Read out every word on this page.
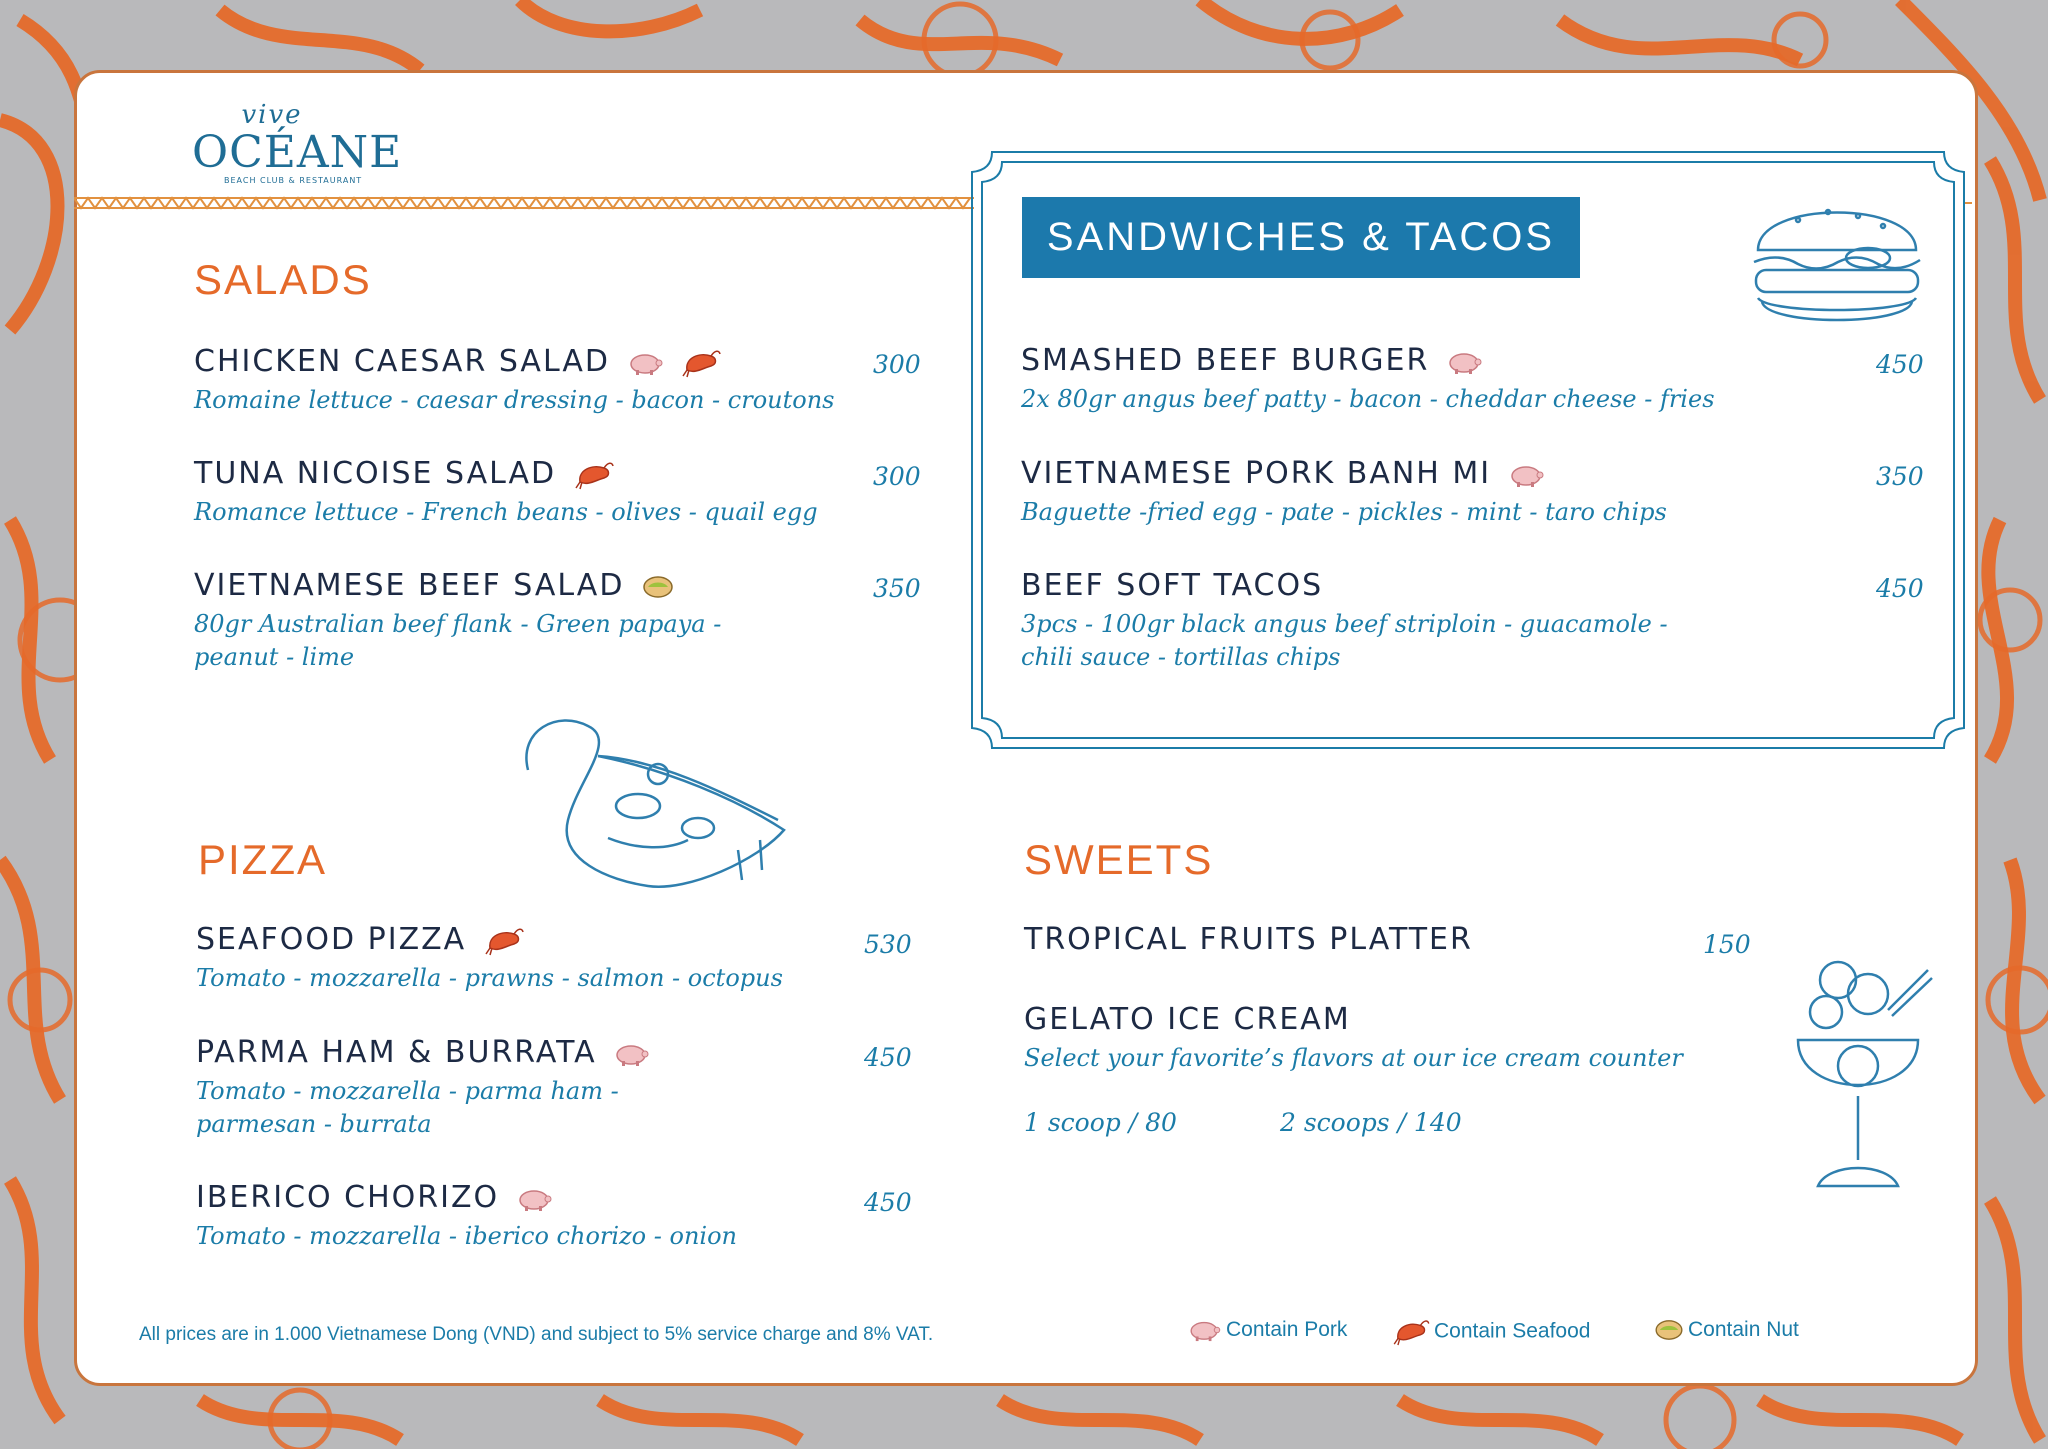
vive
OCÉANE
BEACH CLUB & RESTAURANT
SALADS
CHICKEN CAESAR SALAD	300
Romaine lettuce - caesar dressing - bacon - croutons
TUNA NICOISE SALAD	300
Romance lettuce - French beans - olives - quail egg
VIETNAMESE BEEF SALAD	350
80gr Australian beef flank - Green papaya -
peanut - lime
SANDWICHES & TACOS
SMASHED BEEF BURGER	450
2x 80gr angus beef patty - bacon - cheddar cheese - fries
VIETNAMESE PORK BANH MI	350
Baguette -fried egg - pate - pickles - mint - taro chips
BEEF SOFT TACOS	450
3pcs - 100gr black angus beef striploin - guacamole -
chili sauce - tortillas chips
PIZZA
SEAFOOD PIZZA	530
Tomato - mozzarella - prawns - salmon - octopus
PARMA HAM & BURRATA	450
Tomato - mozzarella - parma ham -
parmesan - burrata
IBERICO CHORIZO	450
Tomato - mozzarella - iberico chorizo - onion
SWEETS
TROPICAL FRUITS PLATTER	150
GELATO ICE CREAM
Select your favorite’s flavors at our ice cream counter
1 scoop / 80	2 scoops / 140
All prices are in 1.000 Vietnamese Dong (VND) and subject to 5% service charge and 8% VAT.	Contain Pork	Contain Seafood	Contain Nut
